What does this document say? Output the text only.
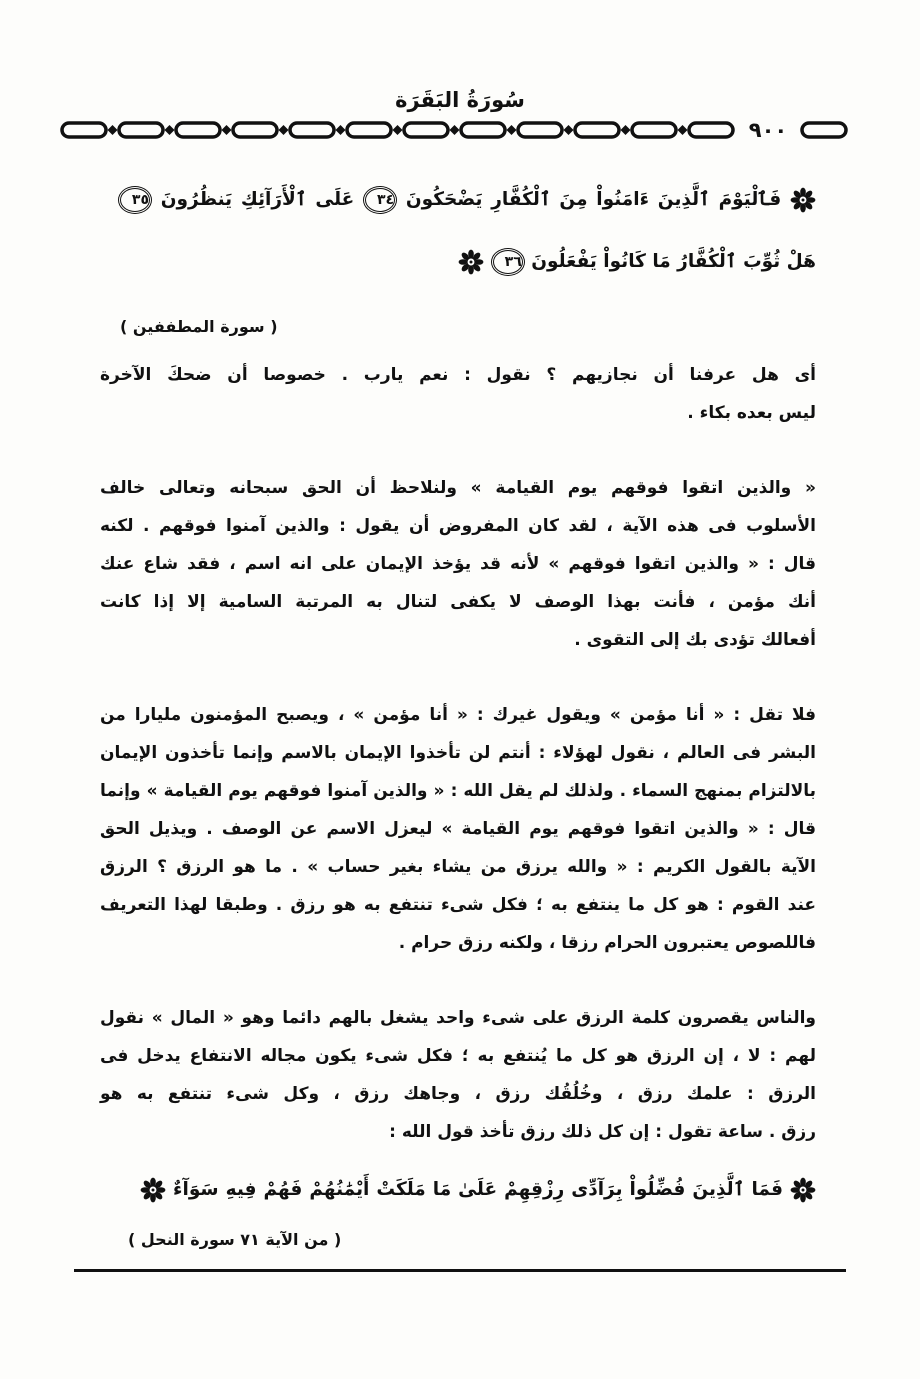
سُورَةُ البَقَرَة
٩٠٠
فَٱلْيَوْمَ ٱلَّذِينَ ءَامَنُواْ مِنَ ٱلْكُفَّارِ يَضْحَكُونَ ٣٤ عَلَى ٱلْأَرَآئِكِ يَنظُرُونَ ٣٥
هَلْ ثُوِّبَ ٱلْكُفَّارُ مَا كَانُواْ يَفْعَلُونَ ٣٦
( سورة المطففين )
أى هل عرفنا أن نجازيهم ؟ نقول : نعم يارب . خصوصا أن ضحكَ الآخرة
ليس بعده بكاء .
« والذين اتقوا فوقهم يوم القيامة » ولنلاحظ أن الحق سبحانه وتعالى خالف
الأسلوب فى هذه الآية ، لقد كان المفروض أن يقول : والذين آمنوا فوقهم . لكنه
قال : « والذين اتقوا فوقهم » لأنه قد يؤخذ الإيمان على انه اسم ، فقد شاع عنك
أنك مؤمن ، فأنت بهذا الوصف لا يكفى لتنال به المرتبة السامية إلا إذا كانت
أفعالك تؤدى بك إلى التقوى .
فلا تقل : « أنا مؤمن » ويقول غيرك : « أنا مؤمن » ، ويصبح المؤمنون مليارا من
البشر فى العالم ، نقول لهؤلاء : أنتم لن تأخذوا الإيمان بالاسم وإنما تأخذون الإيمان
بالالتزام بمنهج السماء . ولذلك لم يقل الله : « والذين آمنوا فوقهم يوم القيامة » وإنما
قال : « والذين اتقوا فوقهم يوم القيامة » ليعزل الاسم عن الوصف . ويذيل الحق
الآية بالقول الكريم : « والله يرزق من يشاء بغير حساب » . ما هو الرزق ؟ الرزق
عند القوم : هو كل ما ينتفع به ؛ فكل شىء تنتفع به هو رزق . وطبقا لهذا التعريف
فاللصوص يعتبرون الحرام رزقا ، ولكنه رزق حرام .
والناس يقصرون كلمة الرزق على شىء واحد يشغل بالهم دائما وهو « المال » نقول
لهم : لا ، إن الرزق هو كل ما يُنتفع به ؛ فكل شىء يكون مجاله الانتفاع يدخل فى
الرزق : علمك رزق ، وخُلُقُك رزق ، وجاهك رزق ، وكل شىء تنتفع به هو
رزق . ساعة تقول : إن كل ذلك رزق تأخذ قول الله :
فَمَا ٱلَّذِينَ فُضِّلُواْ بِرَآدِّى رِزْقِهِمْ عَلَىٰ مَا مَلَكَتْ أَيْمَٰنُهُمْ فَهُمْ فِيهِ سَوَآءٌ
( من الآية ٧١ سورة النحل )
